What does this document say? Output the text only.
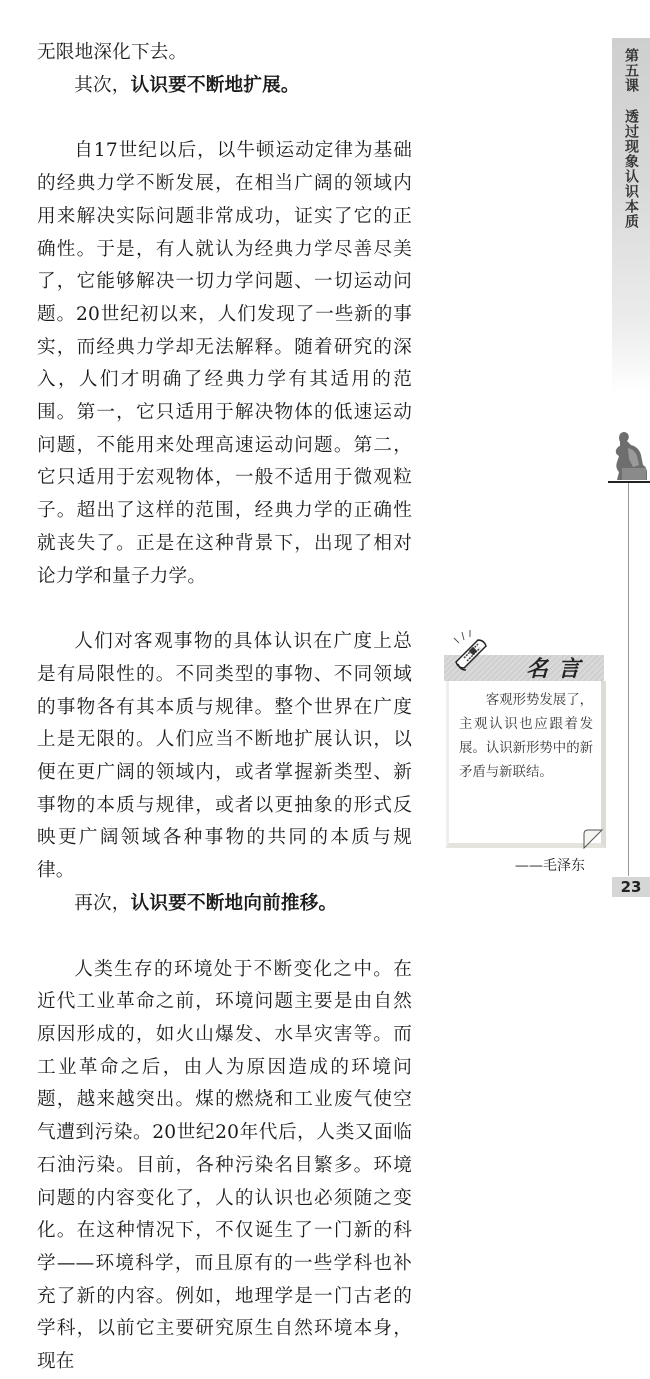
无限地深化下去。

其次，认识要不断地扩展。

自17世纪以后，以牛顿运动定律为基础的经典力学不断发展，在相当广阔的领域内用来解决实际问题非常成功，证实了它的正确性。于是，有人就认为经典力学尽善尽美了，它能够解决一切力学问题、一切运动问题。20世纪初以来，人们发现了一些新的事实，而经典力学却无法解释。随着研究的深入，人们才明确了经典力学有其适用的范围。第一，它只适用于解决物体的低速运动问题，不能用来处理高速运动问题。第二，它只适用于宏观物体，一般不适用于微观粒子。超出了这样的范围，经典力学的正确性就丧失了。正是在这种背景下，出现了相对论力学和量子力学。

人们对客观事物的具体认识在广度上总是有局限性的。不同类型的事物、不同领域的事物各有其本质与规律。整个世界在广度上是无限的。人们应当不断地扩展认识，以便在更广阔的领域内，或者掌握新类型、新事物的本质与规律，或者以更抽象的形式反映更广阔领域各种事物的共同的本质与规律。

再次，认识要不断地向前推移。

人类生存的环境处于不断变化之中。在近代工业革命之前，环境问题主要是由自然原因形成的，如火山爆发、水旱灾害等。而工业革命之后，由人为原因造成的环境问题，越来越突出。煤的燃烧和工业废气使空气遭到污染。20世纪20年代后，人类又面临石油污染。目前，各种污染名目繁多。环境问题的内容变化了，人的认识也必须随之变化。在这种情况下，不仅诞生了一门新的科学——环境科学，而且原有的一些学科也补充了新的内容。例如，地理学是一门古老的学科，以前它主要研究原生自然环境本身，现在

第五课透过现象认识本质
23
名言
客观形势发展了，主观认识也应跟着发展。认识新形势中的新矛盾与新联结。
——毛泽东
